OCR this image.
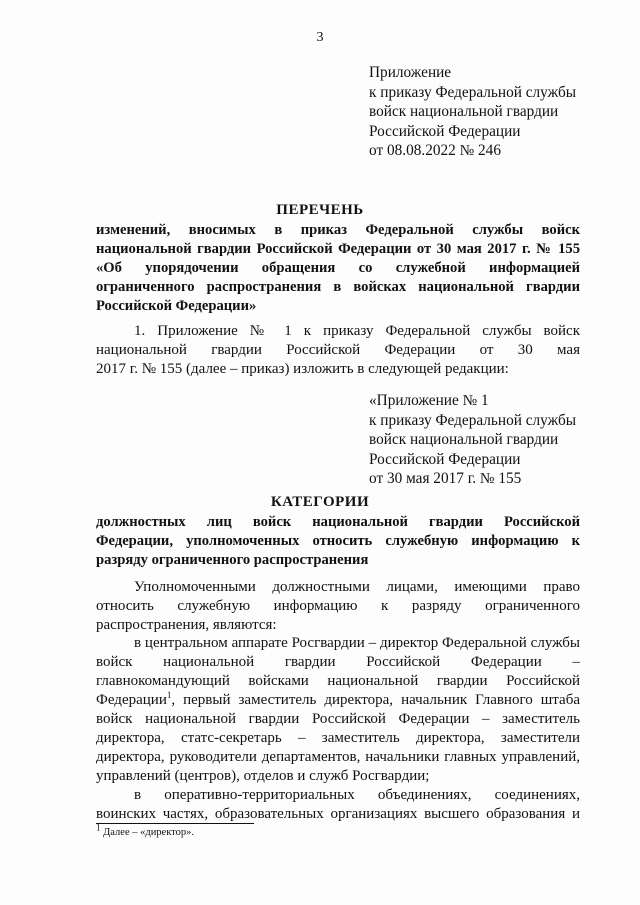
3
Приложение
к приказу Федеральной службы
войск национальной гвардии
Российской Федерации
от 08.08.2022 № 246
ПЕРЕЧЕНЬ
изменений, вносимых в приказ Федеральной службы войск
национальной гвардии Российской Федерации от 30 мая 2017 г. № 155
«Об упорядочении обращения со служебной информацией
ограниченного распространения в войсках национальной гвардии
Российской Федерации»
1. Приложение № 1 к приказу Федеральной службы войск
национальной гвардии Российской Федерации от 30 мая
2017 г. № 155 (далее – приказ) изложить в следующей редакции:
«Приложение № 1
к приказу Федеральной службы
войск национальной гвардии
Российской Федерации
от 30 мая 2017 г. № 155
КАТЕГОРИИ
должностных лиц войск национальной гвардии Российской
Федерации, уполномоченных относить служебную информацию к
разряду ограниченного распространения
Уполномоченными должностными лицами, имеющими право
относить служебную информацию к разряду ограниченного
распространения, являются:
в центральном аппарате Росгвардии – директор Федеральной службы
войск национальной гвардии Российской Федерации –
главнокомандующий войсками национальной гвардии Российской
Федерации$^1$, первый заместитель директора, начальник Главного штаба
войск национальной гвардии Российской Федерации – заместитель
директора, статс-секретарь – заместитель директора, заместители
директора, руководители департаментов, начальники главных управлений,
управлений (центров), отделов и служб Росгвардии;
в оперативно-территориальных объединениях, соединениях,
воинских частях, образовательных организациях высшего образования и
$^1$ Далее – «директор».
